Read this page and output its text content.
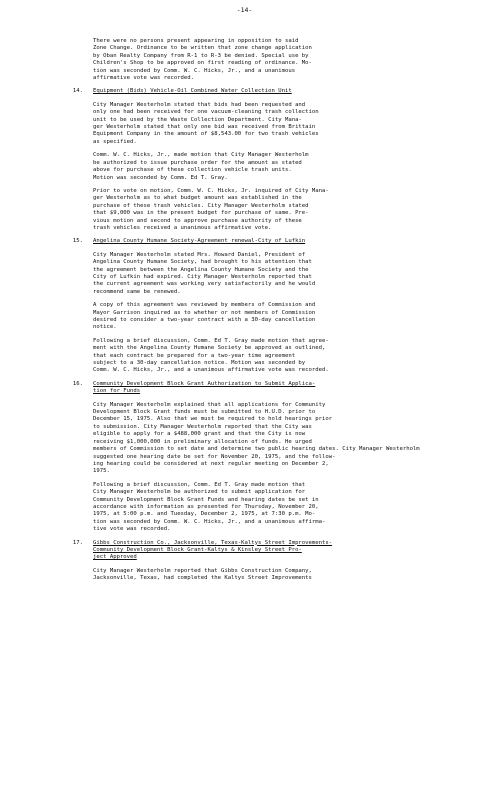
-14-
There were no persons present appearing in opposition to said
Zone Change. Ordinance to be written that zone change application
by Oban Realty Company from R-1 to R-3 be denied. Special use by
Children's Shop to be approved on first reading of ordinance. Mo-
tion was seconded by Comm. W. C. Hicks, Jr., and a unanimous
affirmative vote was recorded.
14.	Equipment (Bids) Vehicle-Oil Combined Water Collection Unit
City Manager Westerholm stated that bids had been requested and
only one had been received for one vacuum-cleaning trash collection
unit to be used by the Waste Collection Department. City Mana-
ger Westerholm stated that only one bid was received from Brittain
Equipment Company in the amount of $8,543.00 for two trash vehicles
as specified.
Comm. W. C. Hicks, Jr., made motion that City Manager Westerholm
be authorized to issue purchase order for the amount as stated
above for purchase of these collection vehicle trash units.
Motion was seconded by Comm. Ed T. Gray.
Prior to vote on motion, Comm. W. C. Hicks, Jr. inquired of City Mana-
ger Westerholm as to what budget amount was established in the
purchase of these trash vehicles. City Manager Westerholm stated
that $9,000 was in the present budget for purchase of same. Pre-
vious motion and second to approve purchase authority of these
trash vehicles received a unanimous affirmative vote.
15.	Angelina County Humane Society-Agreement renewal-City of Lufkin
City Manager Westerholm stated Mrs. Howard Daniel, President of
Angelina County Humane Society, had brought to his attention that
the agreement between the Angelina County Humane Society and the
City of Lufkin had expired. City Manager Westerholm reported that
the current agreement was working very satisfactorily and he would
recommend same be renewed.
A copy of this agreement was reviewed by members of Commission and
Mayor Garrison inquired as to whether or not members of Commission
desired to consider a two-year contract with a 30-day cancellation
notice.
Following a brief discussion, Comm. Ed T. Gray made motion that agree-
ment with the Angelina County Humane Society be approved as outlined,
that each contract be prepared for a two-year time agreement
subject to a 30-day cancellation notice. Motion was seconded by
Comm. W. C. Hicks, Jr., and a unanimous affirmative vote was recorded.
16.	Community Development Block Grant Authorization to Submit Applica-
tion for Funds
City Manager Westerholm explained that all applications for Community
Development Block Grant funds must be submitted to H.U.D. prior to
December 15, 1975. Also that we must be required to hold hearings prior
to submission. City Manager Westerholm reported that the City was
eligible to apply for a $488,000 grant and that the City is now
receiving $1,000,000 in preliminary allocation of funds. He urged
members of Commission to set date and determine two public hearing dates. City Manager Westerholm
suggested one hearing date be set for November 20, 1975, and the follow-
ing hearing could be considered at next regular meeting on December 2,
1975.
Following a brief discussion, Comm. Ed T. Gray made motion that
City Manager Westerholm be authorized to submit application for
Community Development Block Grant Funds and hearing dates be set in
accordance with information as presented for Thursday, November 20,
1975, at 5:00 p.m. and Tuesday, December 2, 1975, at 7:30 p.m. Mo-
tion was seconded by Comm. W. C. Hicks, Jr., and a unanimous affirma-
tive vote was recorded.
17.	Gibbs Construction Co., Jacksonville, Texas-Kaltys Street Improvements-
Community Development Block Grant-Kaltys & Kinsley Street Pro-
ject Approved
City Manager Westerholm reported that Gibbs Construction Company,
Jacksonville, Texas, had completed the Kaltys Street Improvements
